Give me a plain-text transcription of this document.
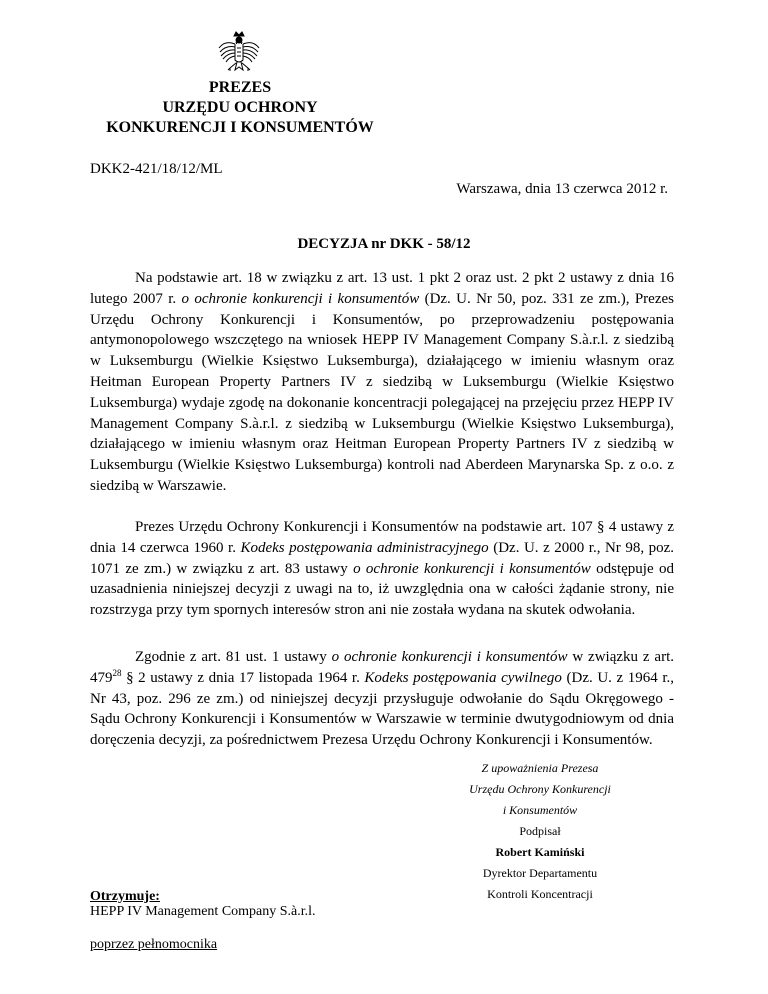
PREZES
URZĘDU OCHRONY
KONKURENCJI I KONSUMENTÓW
DKK2-421/18/12/ML
Warszawa, dnia 13 czerwca 2012 r.
DECYZJA nr DKK - 58/12

Na podstawie art. 18 w związku z art. 13 ust. 1 pkt 2 oraz ust. 2 pkt 2 ustawy z dnia 16 lutego 2007 r. o ochronie konkurencji i konsumentów (Dz. U. Nr 50, poz. 331 ze zm.), Prezes Urzędu Ochrony Konkurencji i Konsumentów, po przeprowadzeniu postępowania antymonopolowego wszczętego na wniosek HEPP IV Management Company S.à.r.l. z siedzibą w Luksemburgu (Wielkie Księstwo Luksemburga), działającego w imieniu własnym oraz Heitman European Property Partners IV z siedzibą w Luksemburgu (Wielkie Księstwo Luksemburga) wydaje zgodę na dokonanie koncentracji polegającej na przejęciu przez HEPP IV Management Company S.à.r.l. z siedzibą w Luksemburgu (Wielkie Księstwo Luksemburga), działającego w imieniu własnym oraz Heitman European Property Partners IV z siedzibą w Luksemburgu (Wielkie Księstwo Luksemburga) kontroli nad Aberdeen Marynarska Sp. z o.o. z siedzibą w Warszawie.

Prezes Urzędu Ochrony Konkurencji i Konsumentów na podstawie art. 107 § 4 ustawy z dnia 14 czerwca 1960 r. Kodeks postępowania administracyjnego (Dz. U. z 2000 r., Nr 98, poz. 1071 ze zm.) w związku z art. 83 ustawy o ochronie konkurencji i konsumentów odstępuje od uzasadnienia niniejszej decyzji z uwagi na to, iż uwzględnia ona w całości żądanie strony, nie rozstrzyga przy tym spornych interesów stron ani nie została wydana na skutek odwołania.

Zgodnie z art. 81 ust. 1 ustawy o ochronie konkurencji i konsumentów w związku z art. $479^{28}$ § 2 ustawy z dnia 17 listopada 1964 r. Kodeks postępowania cywilnego (Dz. U. z 1964 r., Nr 43, poz. 296 ze zm.) od niniejszej decyzji przysługuje odwołanie do Sądu Okręgowego - Sądu Ochrony Konkurencji i Konsumentów w Warszawie w terminie dwutygodniowym od dnia doręczenia decyzji, za pośrednictwem Prezesa Urzędu Ochrony Konkurencji i Konsumentów.

Z upoważnienia Prezesa
Urzędu Ochrony Konkurencji
i Konsumentów
Podpisał
Robert Kamiński
Dyrektor Departamentu
Kontroli Koncentracji
Otrzymuje:
HEPP IV Management Company S.à.r.l.
poprzez pełnomocnika
